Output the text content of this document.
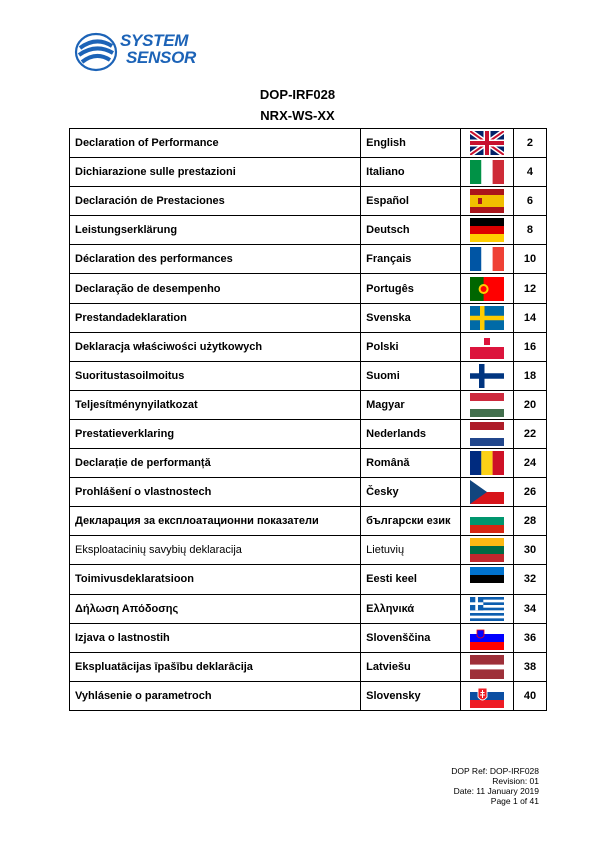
SYSTEM
SENSOR
DOP-IRF028
NRX-WS-XX
Declaration of Performance	English		2
Dichiarazione sulle prestazioni	Italiano		4
Declaración de Prestaciones	Español		6
Leistungserklärung	Deutsch		8
Déclaration des performances	Français		10
Declaração de desempenho	Portugês		12
Prestandadeklaration	Svenska		14
Deklaracja właściwości użytkowych	Polski		16
Suoritustasoilmoitus	Suomi		18
Teljesítménynyilatkozat	Magyar		20
Prestatieverklaring	Nederlands		22
Declarație de performanță	Română		24
Prohlášení o vlastnostech	Česky		26
Декларация за експлоатационни показатели	български език		28
Eksploatacinių savybių deklaracija	Lietuvių		30
Toimivusdeklaratsioon	Eesti keel		32
Δήλωση Απόδοσης	Ελληνικά		34
Izjava o lastnostih	Slovenščina		36
Ekspluatācijas īpašību deklarācija	Latviešu		38
Vyhlásenie o parametroch	Slovensky		40
DOP Ref: DOP-IRF028
Revision: 01
Date: 11 January 2019
Page 1 of 41
